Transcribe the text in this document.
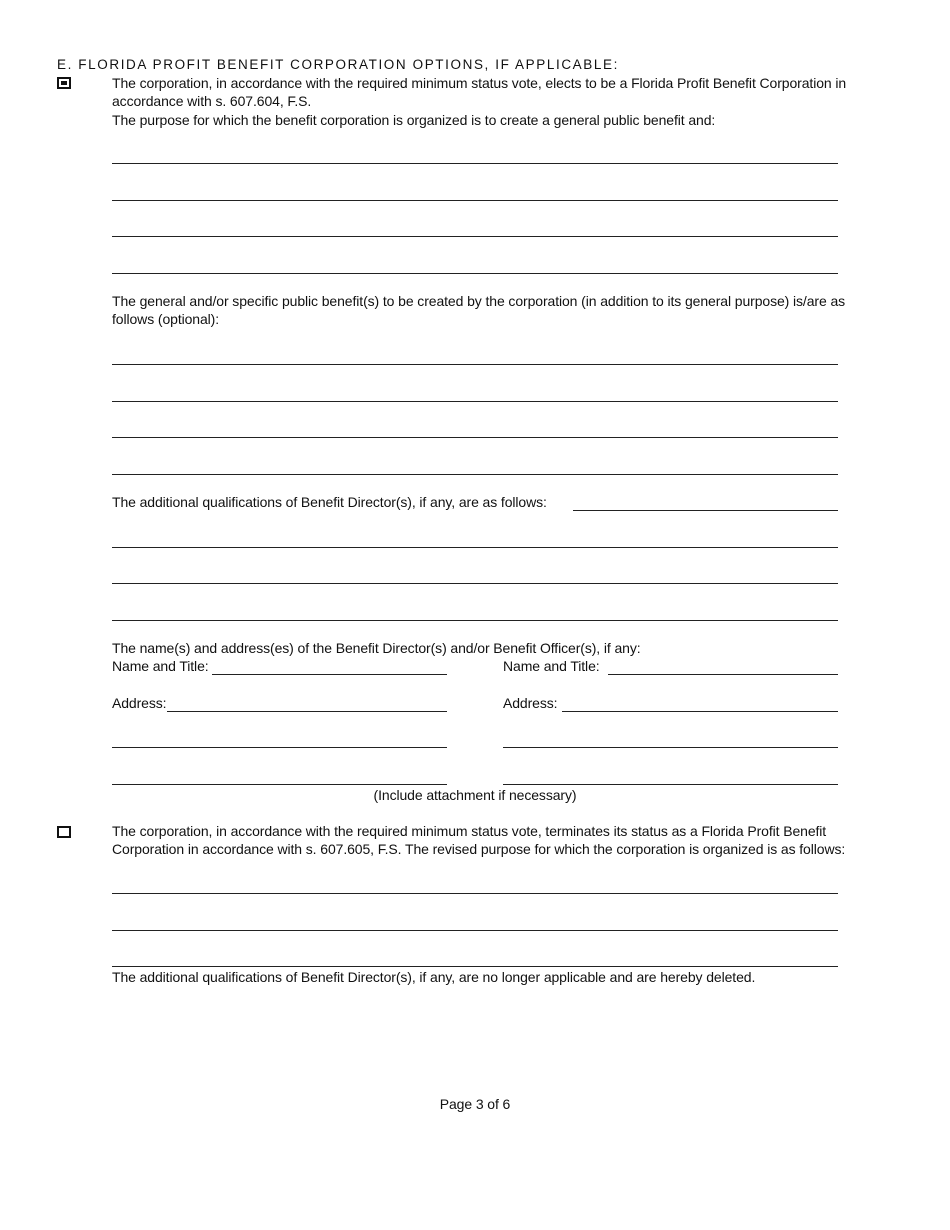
E. FLORIDA PROFIT BENEFIT CORPORATION OPTIONS, IF APPLICABLE:
The corporation, in accordance with the required minimum status vote, elects to be a Florida Profit Benefit Corporation in
accordance with s. 607.604, F.S.
The purpose for which the benefit corporation is organized is to create a general public benefit and:
The general and/or specific public benefit(s) to be created by the corporation (in addition to its general purpose) is/are as
follows (optional):
The additional qualifications of Benefit Director(s), if any, are as follows:
The name(s) and address(es) of the Benefit Director(s) and/or Benefit Officer(s), if any:
Name and Title:
Address:
Name and Title:
Address:
(Include attachment if necessary)
The corporation, in accordance with the required minimum status vote, terminates its status as a Florida Profit Benefit
Corporation in accordance with s. 607.605, F.S. The revised purpose for which the corporation is organized is as follows:
The additional qualifications of Benefit Director(s), if any, are no longer applicable and are hereby deleted.
Page 3 of 6
